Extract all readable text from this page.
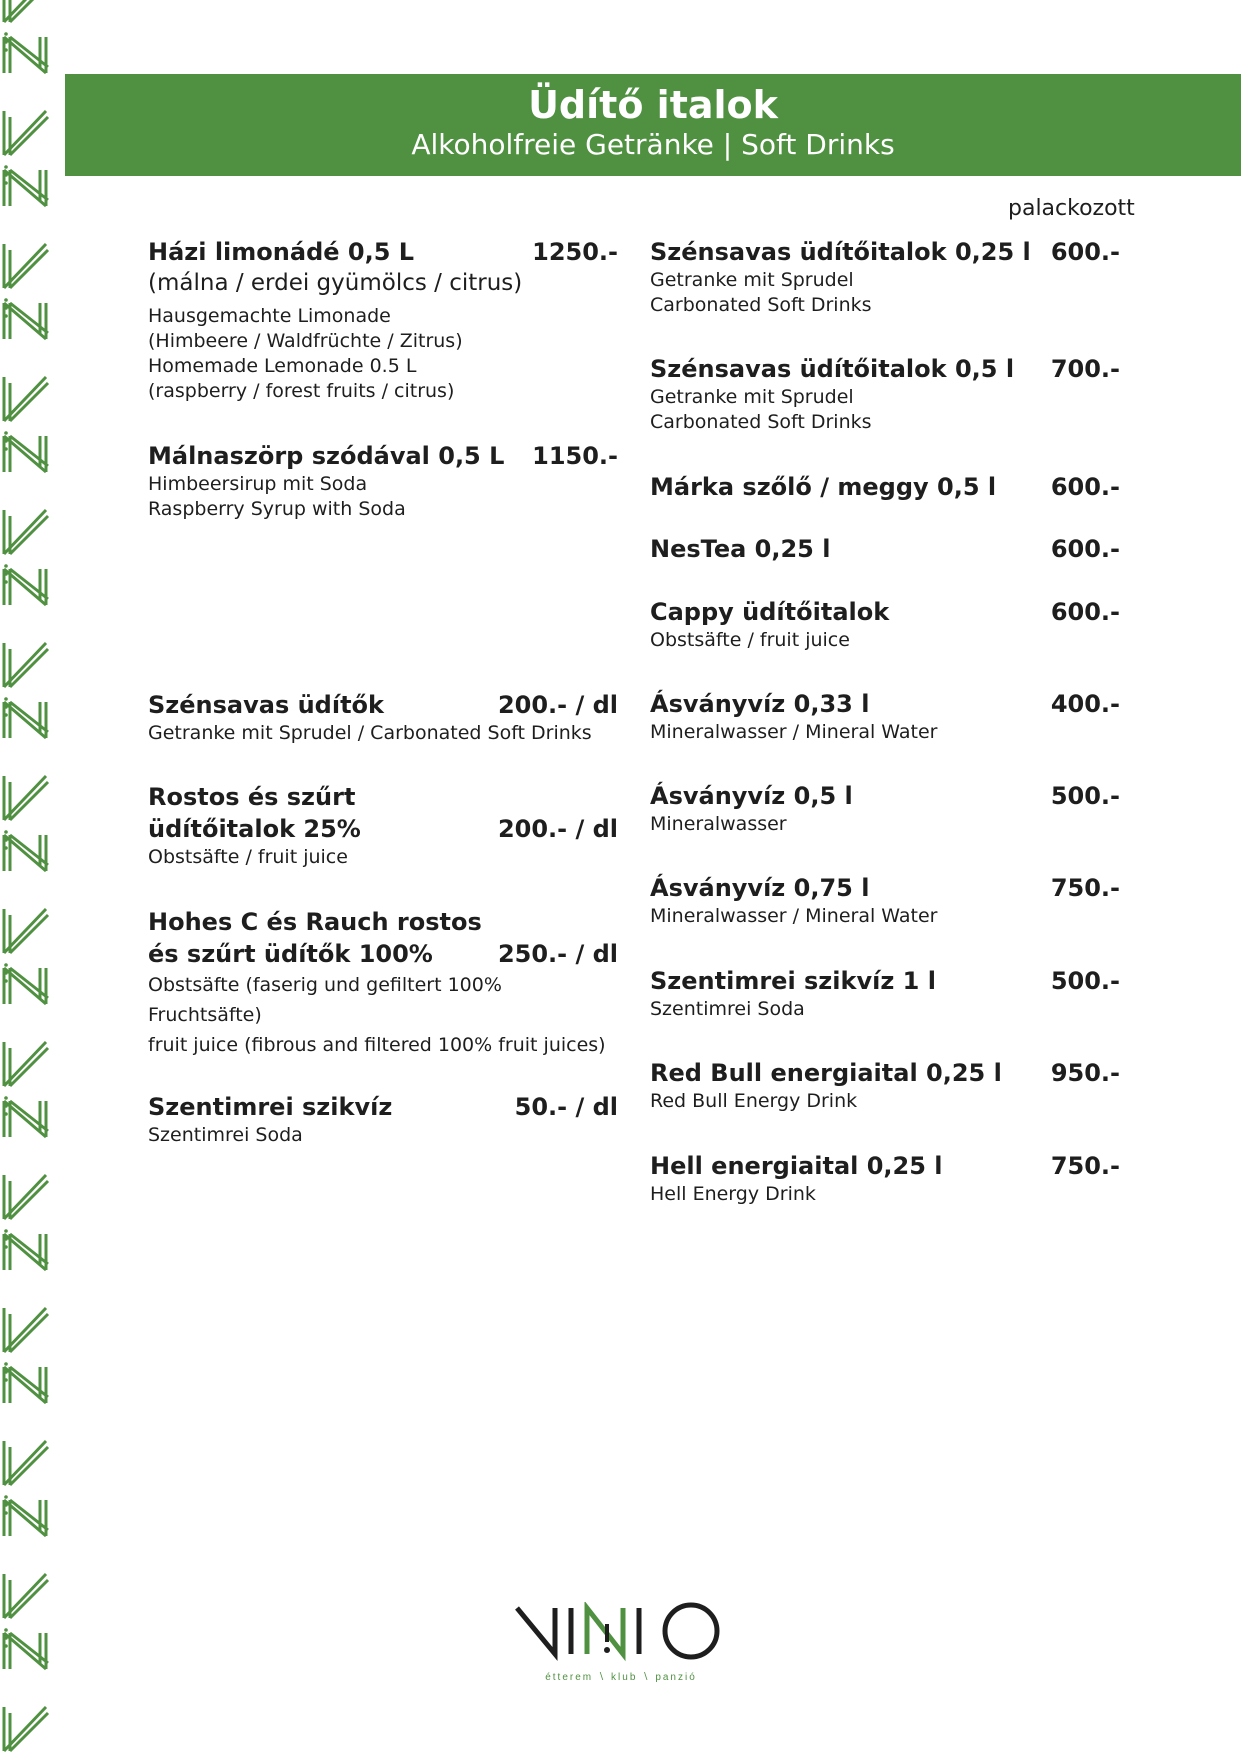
Üdítő italok
Alkoholfreie Getränke | Soft Drinks
palackozott
Házi limonádé 0,5 L	1250.-
(málna / erdei gyümölcs / citrus)
Hausgemachte Limonade
(Himbeere / Waldfrüchte / Zitrus)
Homemade Lemonade 0.5 L
(raspberry / forest fruits / citrus)
Málnaszörp szódával 0,5 L	1150.-
Himbeersirup mit Soda
Raspberry Syrup with Soda
Szénsavas üdítők	200.- / dl
Getranke mit Sprudel / Carbonated Soft Drinks
Rostos és szűrt
üdítőitalok 25%	200.- / dl
Obstsäfte / fruit juice
Hohes C és Rauch rostos
és szűrt üdítők 100%	250.- / dl
Obstsäfte (faserig und gefiltert 100%
Fruchtsäfte)
fruit juice (fibrous and filtered 100% fruit juices)
Szentimrei szikvíz	50.- / dl
Szentimrei Soda
Szénsavas üdítőitalok 0,25 l 600.-
Getranke mit Sprudel
Carbonated Soft Drinks
Szénsavas üdítőitalok 0,5 l	700.-
Getranke mit Sprudel
Carbonated Soft Drinks
Márka szőlő / meggy 0,5 l	600.-
NesTea 0,25 l	600.-
Cappy üdítőitalok	600.-
Obstsäfte / fruit juice
Ásványvíz 0,33 l	400.-
Mineralwasser / Mineral Water
Ásványvíz 0,5 l	500.-
Mineralwasser
Ásványvíz 0,75 l	750.-
Mineralwasser / Mineral Water
Szentimrei szikvíz 1 l	500.-
Szentimrei Soda
Red Bull energiaital 0,25 l	950.-
Red Bull Energy Drink
Hell energiaital 0,25 l	750.-
Hell Energy Drink
étterem ∖ klub ∖ panzió
